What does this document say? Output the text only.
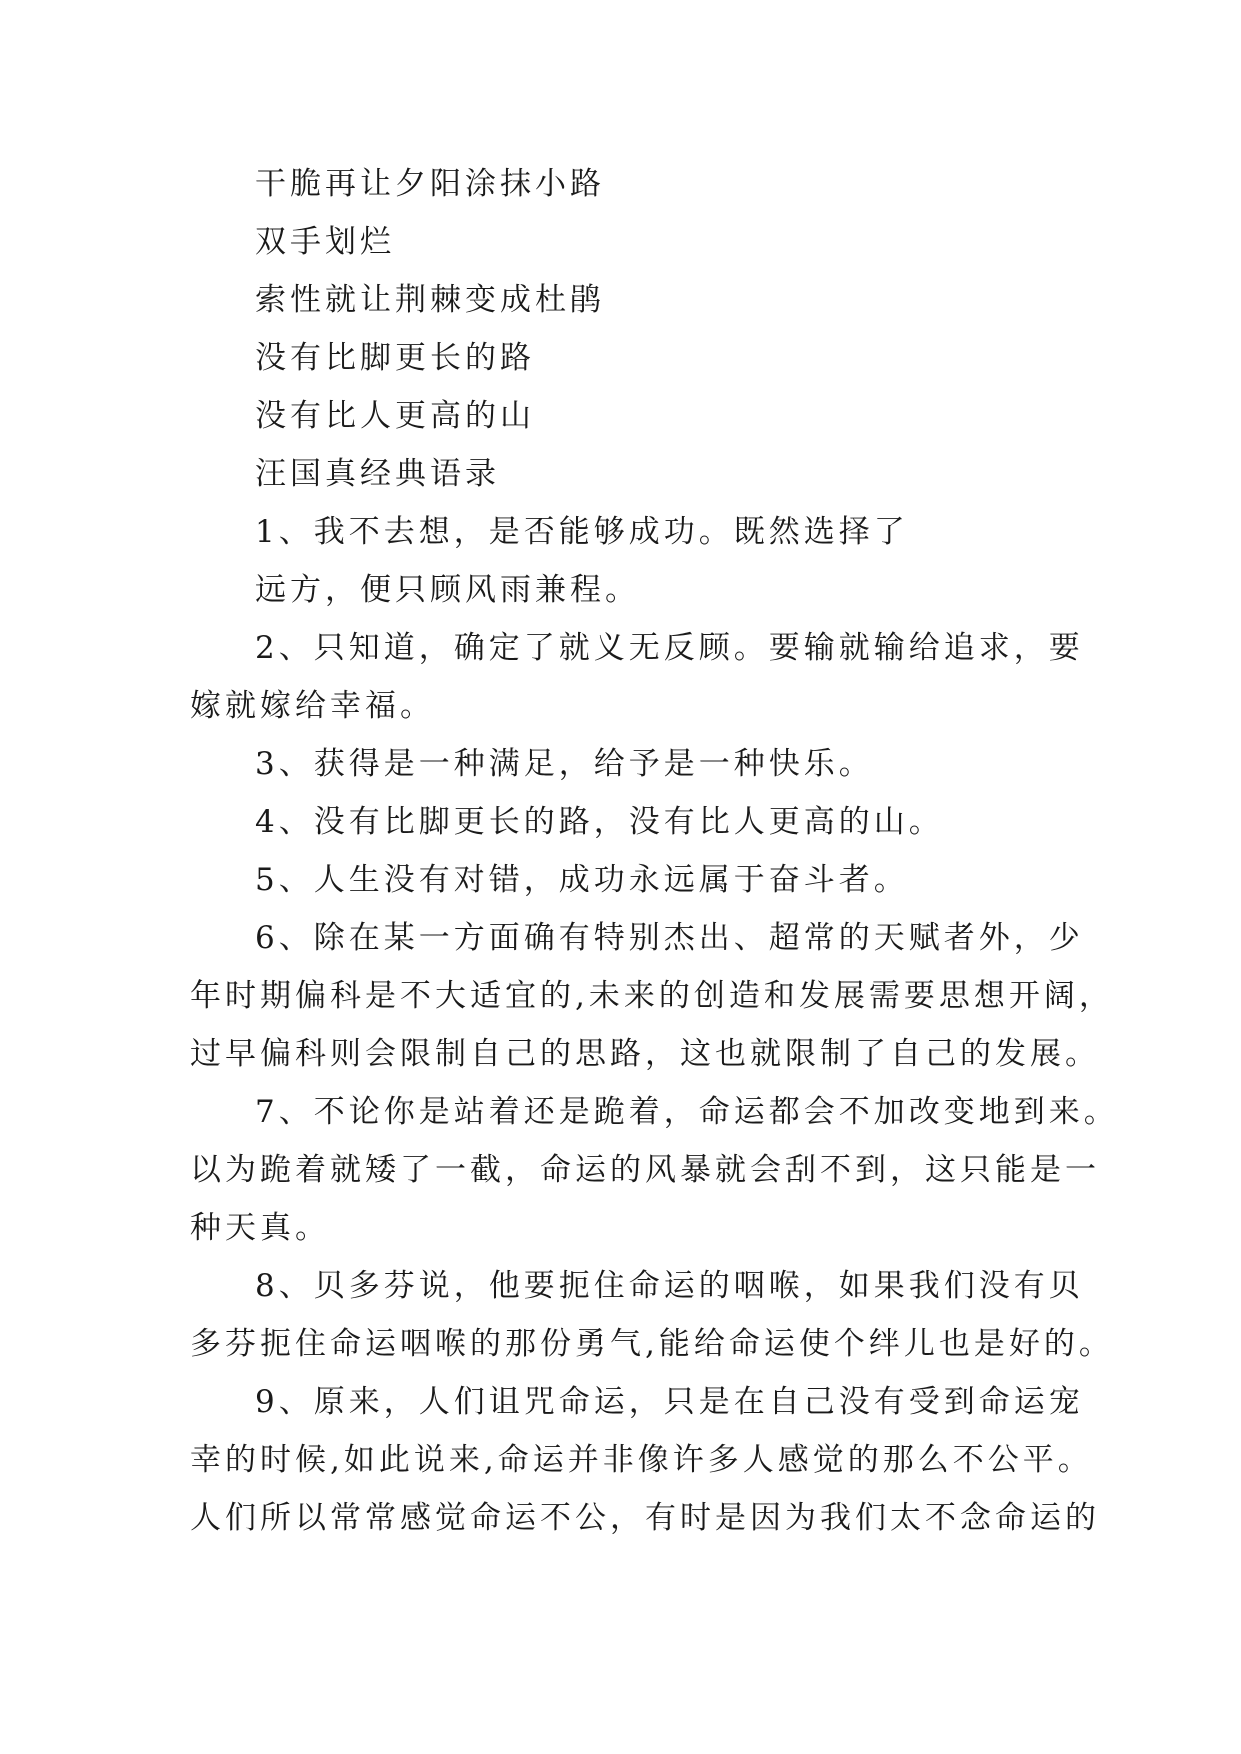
干脆再让夕阳涂抹小路
双手划烂
索性就让荆棘变成杜鹃
没有比脚更长的路
没有比人更高的山
汪国真经典语录
1、我不去想，是否能够成功。既然选择了
远方，便只顾风雨兼程。
2、只知道，确定了就义无反顾。要输就输给追求，要
嫁就嫁给幸福。
3、获得是一种满足，给予是一种快乐。
4、没有比脚更长的路，没有比人更高的山。
5、人生没有对错，成功永远属于奋斗者。
6、除在某一方面确有特别杰出、超常的天赋者外，少
年时期偏科是不大适宜的,未来的创造和发展需要思想开阔，
过早偏科则会限制自己的思路，这也就限制了自己的发展。
7、不论你是站着还是跪着，命运都会不加改变地到来。
以为跪着就矮了一截，命运的风暴就会刮不到，这只能是一
种天真。
8、贝多芬说，他要扼住命运的咽喉，如果我们没有贝
多芬扼住命运咽喉的那份勇气,能给命运使个绊儿也是好的。
9、原来，人们诅咒命运，只是在自己没有受到命运宠
幸的时候,如此说来,命运并非像许多人感觉的那么不公平。
人们所以常常感觉命运不公，有时是因为我们太不念命运的
